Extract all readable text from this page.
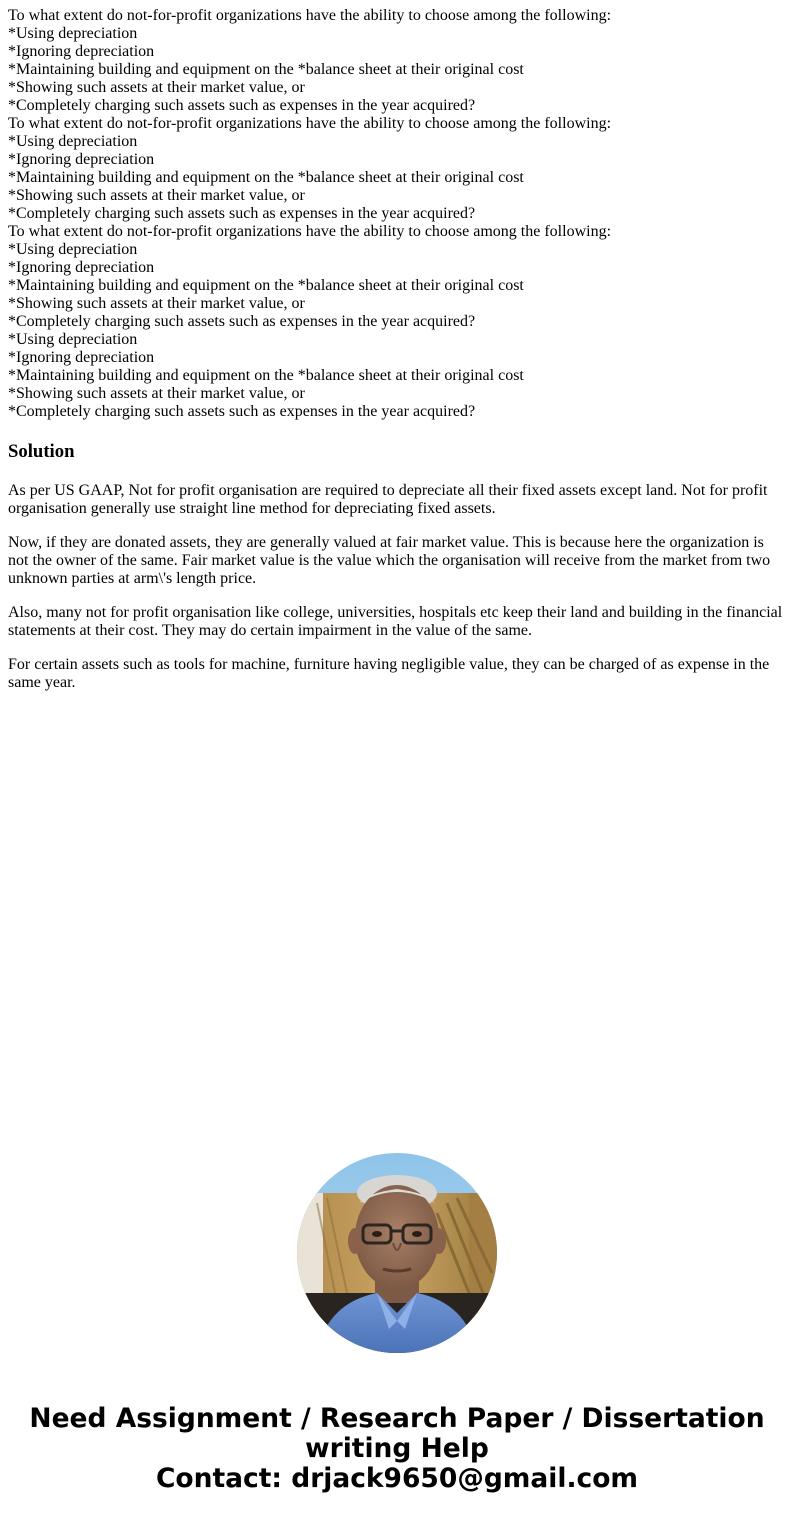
To what extent do not-for-profit organizations have the ability to choose among the following:
*Using depreciation
*Ignoring depreciation
*Maintaining building and equipment on the *balance sheet at their original cost
*Showing such assets at their market value, or
*Completely charging such assets such as expenses in the year acquired?
To what extent do not-for-profit organizations have the ability to choose among the following:
*Using depreciation
*Ignoring depreciation
*Maintaining building and equipment on the *balance sheet at their original cost
*Showing such assets at their market value, or
*Completely charging such assets such as expenses in the year acquired?
To what extent do not-for-profit organizations have the ability to choose among the following:
*Using depreciation
*Ignoring depreciation
*Maintaining building and equipment on the *balance sheet at their original cost
*Showing such assets at their market value, or
*Completely charging such assets such as expenses in the year acquired?
*Using depreciation
*Ignoring depreciation
*Maintaining building and equipment on the *balance sheet at their original cost
*Showing such assets at their market value, or
*Completely charging such assets such as expenses in the year acquired?
Solution

As per US GAAP, Not for profit organisation are required to depreciate all their fixed assets except land. Not for profit organisation generally use straight line method for depreciating fixed assets.

Now, if they are donated assets, they are generally valued at fair market value. This is because here the organization is not the owner of the same. Fair market value is the value which the organisation will receive from the market from two unknown parties at arm\'s length price.

Also, many not for profit organisation like college, universities, hospitals etc keep their land and building in the financial statements at their cost. They may do certain impairment in the value of the same.

For certain assets such as tools for machine, furniture having negligible value, they can be charged of as expense in the same year.

Need Assignment / Research Paper / Dissertation
writing Help
Contact: drjack9650@gmail.com
